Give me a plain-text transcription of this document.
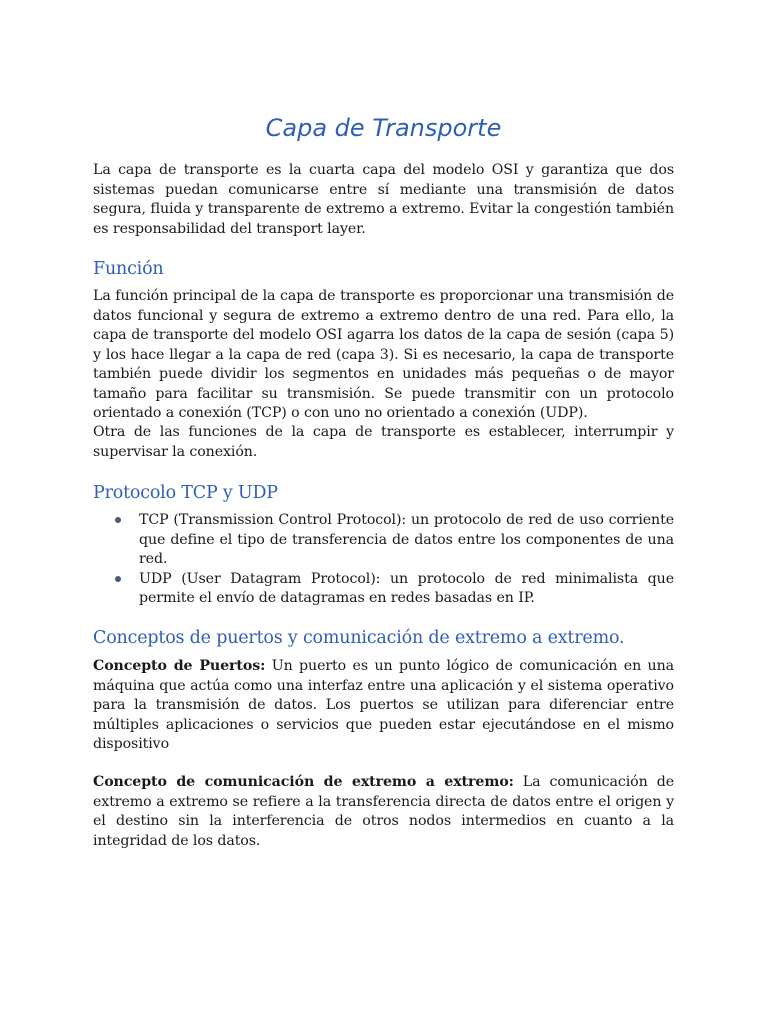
Capa de Transporte

La capa de transporte es la cuarta capa del modelo OSI y garantiza que dos sistemas puedan comunicarse entre sí mediante una transmisión de datos segura, fluida y transparente de extremo a extremo. Evitar la congestión también es responsabilidad del transport layer.

Función

La función principal de la capa de transporte es proporcionar una transmisión de datos funcional y segura de extremo a extremo dentro de una red. Para ello, la capa de transporte del modelo OSI agarra los datos de la capa de sesión (capa 5) y los hace llegar a la capa de red (capa 3). Si es necesario, la capa de transporte también puede dividir los segmentos en unidades más pequeñas o de mayor tamaño para facilitar su transmisión. Se puede transmitir con un protocolo orientado a conexión (TCP) o con uno no orientado a conexión (UDP).

Otra de las funciones de la capa de transporte es establecer, interrumpir y supervisar la conexión.

Protocolo TCP y UDP
TCP (Transmission Control Protocol): un protocolo de red de uso corriente que define el tipo de transferencia de datos entre los componentes de una red.
UDP (User Datagram Protocol): un protocolo de red minimalista que permite el envío de datagramas en redes basadas en IP.
Conceptos de puertos y comunicación de extremo a extremo.

Concepto de Puertos: Un puerto es un punto lógico de comunicación en una máquina que actúa como una interfaz entre una aplicación y el sistema operativo para la transmisión de datos. Los puertos se utilizan para diferenciar entre múltiples aplicaciones o servicios que pueden estar ejecutándose en el mismo dispositivo

Concepto de comunicación de extremo a extremo: La comunicación de extremo a extremo se refiere a la transferencia directa de datos entre el origen y el destino sin la interferencia de otros nodos intermedios en cuanto a la integridad de los datos.
